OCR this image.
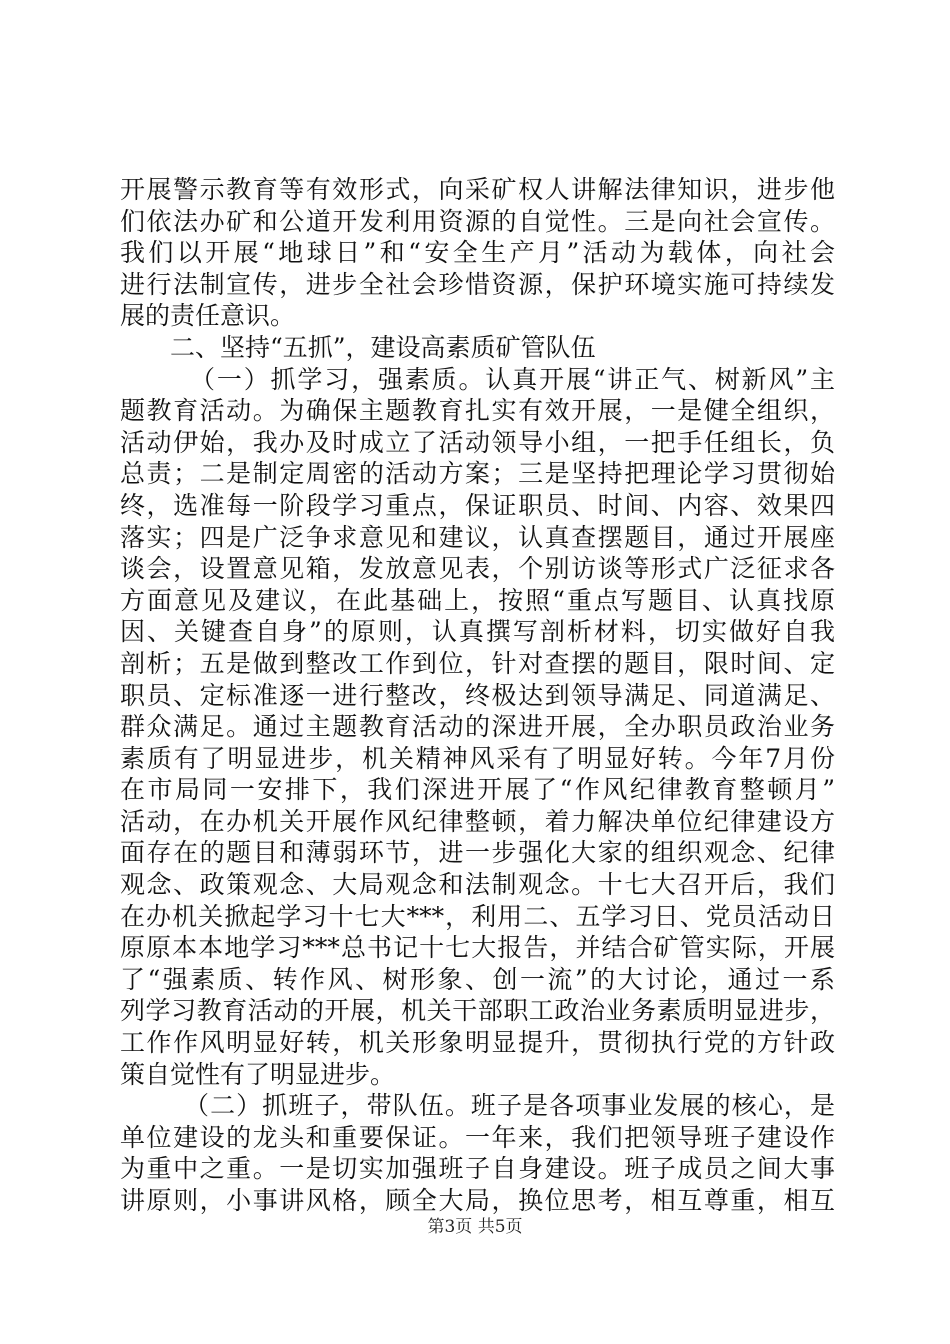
开展警示教育等有效形式，向采矿权人讲解法律知识，进步他
们依法办矿和公道开发利用资源的自觉性。三是向社会宣传。
我们以开展“地球日”和“安全生产月”活动为载体，向社会
进行法制宣传，进步全社会珍惜资源，保护环境实施可持续发
展的责任意识。
二、坚持“五抓”，建设高素质矿管队伍
（一）抓学习，强素质。认真开展“讲正气、树新风”主
题教育活动。为确保主题教育扎实有效开展，一是健全组织，
活动伊始，我办及时成立了活动领导小组，一把手任组长，负
总责；二是制定周密的活动方案；三是坚持把理论学习贯彻始
终，选准每一阶段学习重点，保证职员、时间、内容、效果四
落实；四是广泛争求意见和建议，认真查摆题目，通过开展座
谈会，设置意见箱，发放意见表，个别访谈等形式广泛征求各
方面意见及建议，在此基础上，按照“重点写题目、认真找原
因、关键查自身”的原则，认真撰写剖析材料，切实做好自我
剖析；五是做到整改工作到位，针对查摆的题目，限时间、定
职员、定标准逐一进行整改，终极达到领导满足、同道满足、
群众满足。通过主题教育活动的深进开展，全办职员政治业务
素质有了明显进步，机关精神风采有了明显好转。今年7月份
在市局同一安排下，我们深进开展了“作风纪律教育整顿月”
活动，在办机关开展作风纪律整顿，着力解决单位纪律建设方
面存在的题目和薄弱环节，进一步强化大家的组织观念、纪律
观念、政策观念、大局观念和法制观念。十七大召开后，我们
在办机关掀起学习十七大***，利用二、五学习日、党员活动日
原原本本地学习***总书记十七大报告，并结合矿管实际，开展
了“强素质、转作风、树形象、创一流”的大讨论，通过一系
列学习教育活动的开展，机关干部职工政治业务素质明显进步，
工作作风明显好转，机关形象明显提升，贯彻执行党的方针政
策自觉性有了明显进步。
（二）抓班子，带队伍。班子是各项事业发展的核心，是
单位建设的龙头和重要保证。一年来，我们把领导班子建设作
为重中之重。一是切实加强班子自身建设。班子成员之间大事
讲原则，小事讲风格，顾全大局，换位思考，相互尊重，相互
第3页 共5页
